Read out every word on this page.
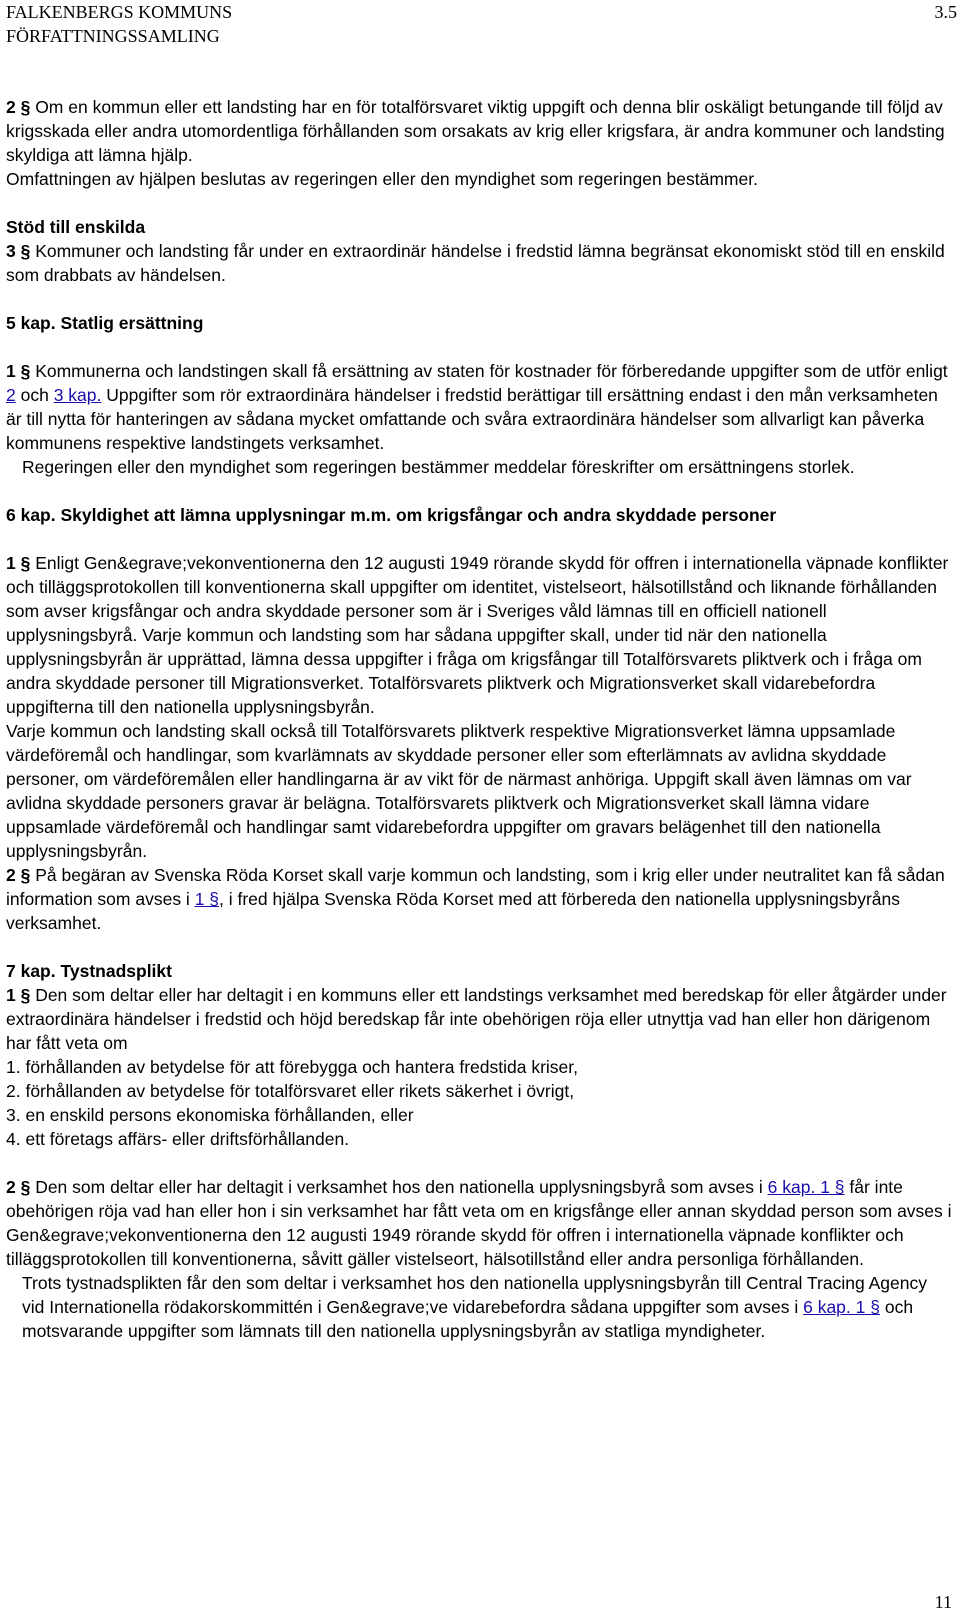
FALKENBERGS KOMMUNS
FÖRFATTNINGSSAMLING
3.5

2 § Om en kommun eller ett landsting har en för totalförsvaret viktig uppgift och denna blir oskäligt betungande till följd av krigsskada eller andra utomordentliga förhållanden som orsakats av krig eller krigsfara, är andra kommuner och landsting skyldiga att lämna hjälp.

Omfattningen av hjälpen beslutas av regeringen eller den myndighet som regeringen bestämmer.

Stöd till enskilda

3 § Kommuner och landsting får under en extraordinär händelse i fredstid lämna begränsat ekonomiskt stöd till en enskild som drabbats av händelsen.

5 kap. Statlig ersättning

1 § Kommunerna och landstingen skall få ersättning av staten för kostnader för förberedande uppgifter som de utför enligt 2 och 3 kap. Uppgifter som rör extraordinära händelser i fredstid berättigar till ersättning endast i den mån verksamheten är till nytta för hanteringen av sådana mycket omfattande och svåra extraordinära händelser som allvarligt kan påverka kommunens respektive landstingets verksamhet.

Regeringen eller den myndighet som regeringen bestämmer meddelar föreskrifter om ersättningens storlek.

6 kap. Skyldighet att lämna upplysningar m.m. om krigsfångar och andra skyddade personer

1 § Enligt Gen&egrave;vekonventionerna den 12 augusti 1949 rörande skydd för offren i internationella väpnade konflikter och tilläggsprotokollen till konventionerna skall uppgifter om identitet, vistelseort, hälsotillstånd och liknande förhållanden som avser krigsfångar och andra skyddade personer som är i Sveriges våld lämnas till en officiell nationell upplysningsbyrå. Varje kommun och landsting som har sådana uppgifter skall, under tid när den nationella upplysningsbyrån är upprättad, lämna dessa uppgifter i fråga om krigsfångar till Totalförsvarets pliktverk och i fråga om andra skyddade personer till Migrationsverket. Totalförsvarets pliktverk och Migrationsverket skall vidarebefordra uppgifterna till den nationella upplysningsbyrån.

Varje kommun och landsting skall också till Totalförsvarets pliktverk respektive Migrationsverket lämna uppsamlade värdeföremål och handlingar, som kvarlämnats av skyddade personer eller som efterlämnats av avlidna skyddade personer, om värdeföremålen eller handlingarna är av vikt för de närmast anhöriga. Uppgift skall även lämnas om var avlidna skyddade personers gravar är belägna. Totalförsvarets pliktverk och Migrationsverket skall lämna vidare uppsamlade värdeföremål och handlingar samt vidarebefordra uppgifter om gravars belägenhet till den nationella upplysningsbyrån.

2 § På begäran av Svenska Röda Korset skall varje kommun och landsting, som i krig eller under neutralitet kan få sådan information som avses i 1 §, i fred hjälpa Svenska Röda Korset med att förbereda den nationella upplysningsbyråns verksamhet.

7 kap. Tystnadsplikt

1 § Den som deltar eller har deltagit i en kommuns eller ett landstings verksamhet med beredskap för eller åtgärder under extraordinära händelser i fredstid och höjd beredskap får inte obehörigen röja eller utnyttja vad han eller hon därigenom har fått veta om

1. förhållanden av betydelse för att förebygga och hantera fredstida kriser,

2. förhållanden av betydelse för totalförsvaret eller rikets säkerhet i övrigt,

3. en enskild persons ekonomiska förhållanden, eller

4. ett företags affärs- eller driftsförhållanden.

2 § Den som deltar eller har deltagit i verksamhet hos den nationella upplysningsbyrå som avses i 6 kap. 1 § får inte obehörigen röja vad han eller hon i sin verksamhet har fått veta om en krigsfånge eller annan skyddad person som avses i Gen&egrave;vekonventionerna den 12 augusti 1949 rörande skydd för offren i internationella väpnade konflikter och tilläggsprotokollen till konventionerna, såvitt gäller vistelseort, hälsotillstånd eller andra personliga förhållanden.

Trots tystnadsplikten får den som deltar i verksamhet hos den nationella upplysningsbyrån till Central Tracing Agency vid Internationella rödakorskommittén i Gen&egrave;ve vidarebefordra sådana uppgifter som avses i 6 kap. 1 § och motsvarande uppgifter som lämnats till den nationella upplysningsbyrån av statliga myndigheter.

11
